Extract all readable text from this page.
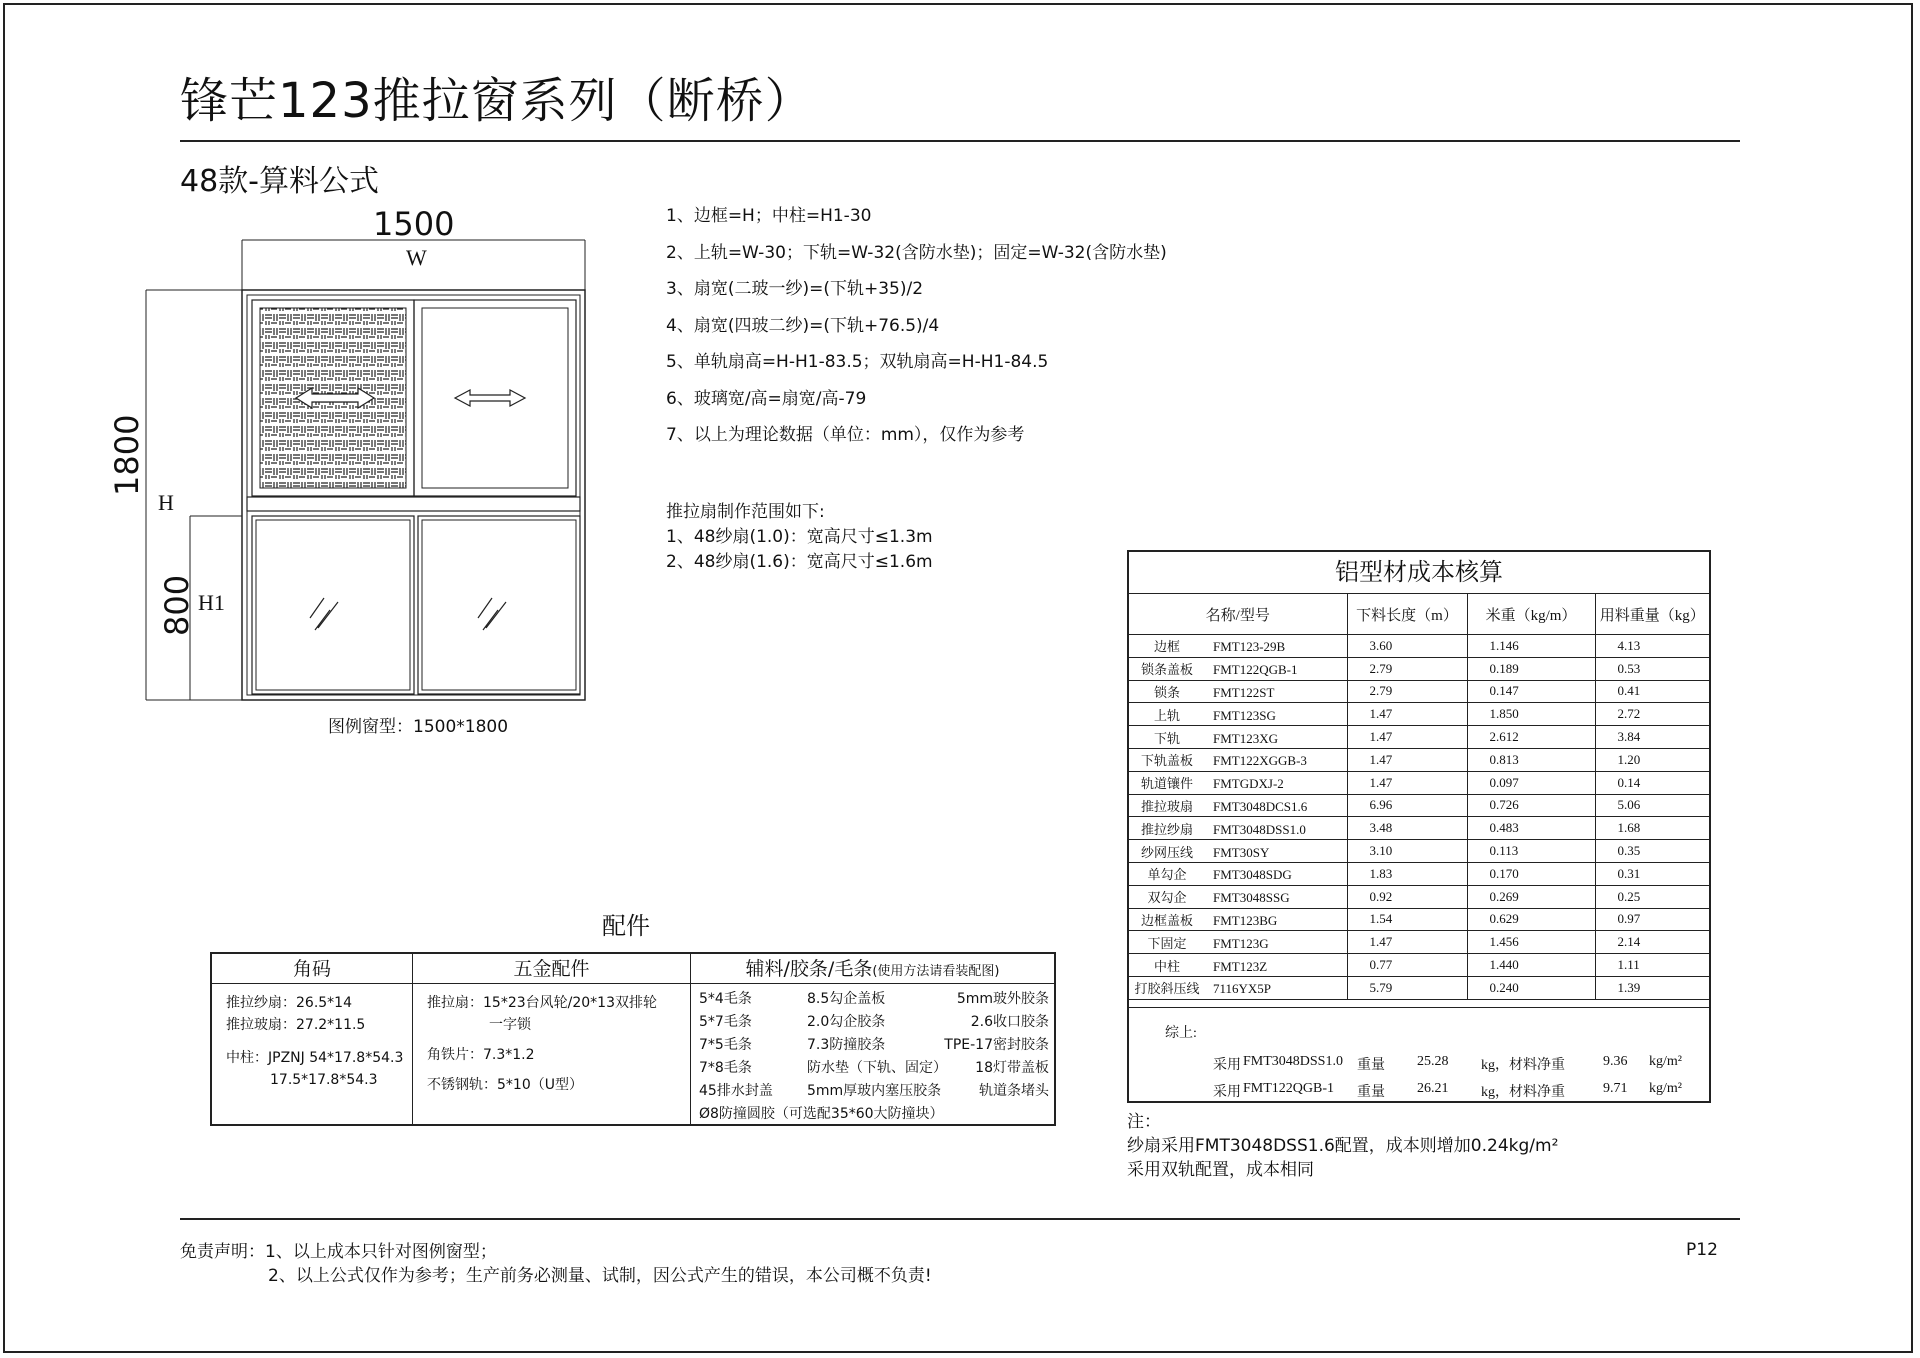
锋芒123推拉窗系列（断桥）
48款-算料公式
1500
W
1800
H
800 H1
图例窗型：1500*1800
1、边框=H；中柱=H1-30
2、上轨=W-30；下轨=W-32(含防水垫)；固定=W-32(含防水垫)
3、扇宽(二玻一纱)=(下轨+35)/2
4、扇宽(四玻二纱)=(下轨+76.5)/4
5、单轨扇高=H-H1-83.5；双轨扇高=H-H1-84.5
6、玻璃宽/高=扇宽/高-79
7、以上为理论数据（单位：mm），仅作为参考
推拉扇制作范围如下:
1、48纱扇(1.0)：宽高尺寸≤1.3m
2、48纱扇(1.6)：宽高尺寸≤1.6m
配件
角码
推拉纱扇：26.5*14
推拉玻扇：27.2*11.5
中柱：JPZNJ 54*17.8*54.3
17.5*17.8*54.3
五金配件
推拉扇：15*23台风轮/20*13双排轮
一字锁
角铁片：7.3*1.2
不锈钢轨：5*10（U型）
辅料/胶条/毛条(使用方法请看装配图)
5*4毛条	8.5勾企盖板	5mm玻外胶条
5*7毛条	2.0勾企胶条	2.6收口胶条
7*5毛条	7.3防撞胶条	TPE-17密封胶条
7*8毛条	防水垫（下轨、固定）	18灯带盖板
45排水封盖	5mm厚玻内塞压胶条	轨道条堵头
Ø8防撞圆胶（可选配35*60大防撞块）
铝型材成本核算
名称/型号	下料长度（m）	米重（kg/m）	用料重量（kg）
边框 FMT123-29B	3.60	1.146	4.13
锁条盖板 FMT122QGB-1	2.79	0.189	0.53
锁条 FMT122ST	2.79	0.147	0.41
上轨 FMT123SG	1.47	1.850	2.72
下轨 FMT123XG	1.47	2.612	3.84
下轨盖板 FMT122XGGB-3	1.47	0.813	1.20
轨道镶件 FMTGDXJ-2	1.47	0.097	0.14
推拉玻扇 FMT3048DCS1.6	6.96	0.726	5.06
推拉纱扇 FMT3048DSS1.0	3.48	0.483	1.68
纱网压线 FMT30SY	3.10	0.113	0.35
单勾企 FMT3048SDG	1.83	0.170	0.31
双勾企 FMT3048SSG	0.92	0.269	0.25
边框盖板 FMT123BG	1.54	0.629	0.97
下固定 FMT123G	1.47	1.456	2.14
中柱 FMT123Z	0.77	1.440	1.11
打胶斜压线 7116YX5P	5.79	0.240	1.39
综上:
采用 FMT3048DSS1.0 重量 25.28 kg，材料净重	9.36 kg/m²
采用 FMT122QGB-1 重量 26.21 kg，材料净重	9.71 kg/m²
注：
纱扇采用FMT3048DSS1.6配置，成本则增加0.24kg/m²
采用双轨配置，成本相同
免责声明：1、以上成本只针对图例窗型；
2、以上公式仅作为参考；生产前务必测量、试制，因公式产生的错误，本公司概不负责!
P12
